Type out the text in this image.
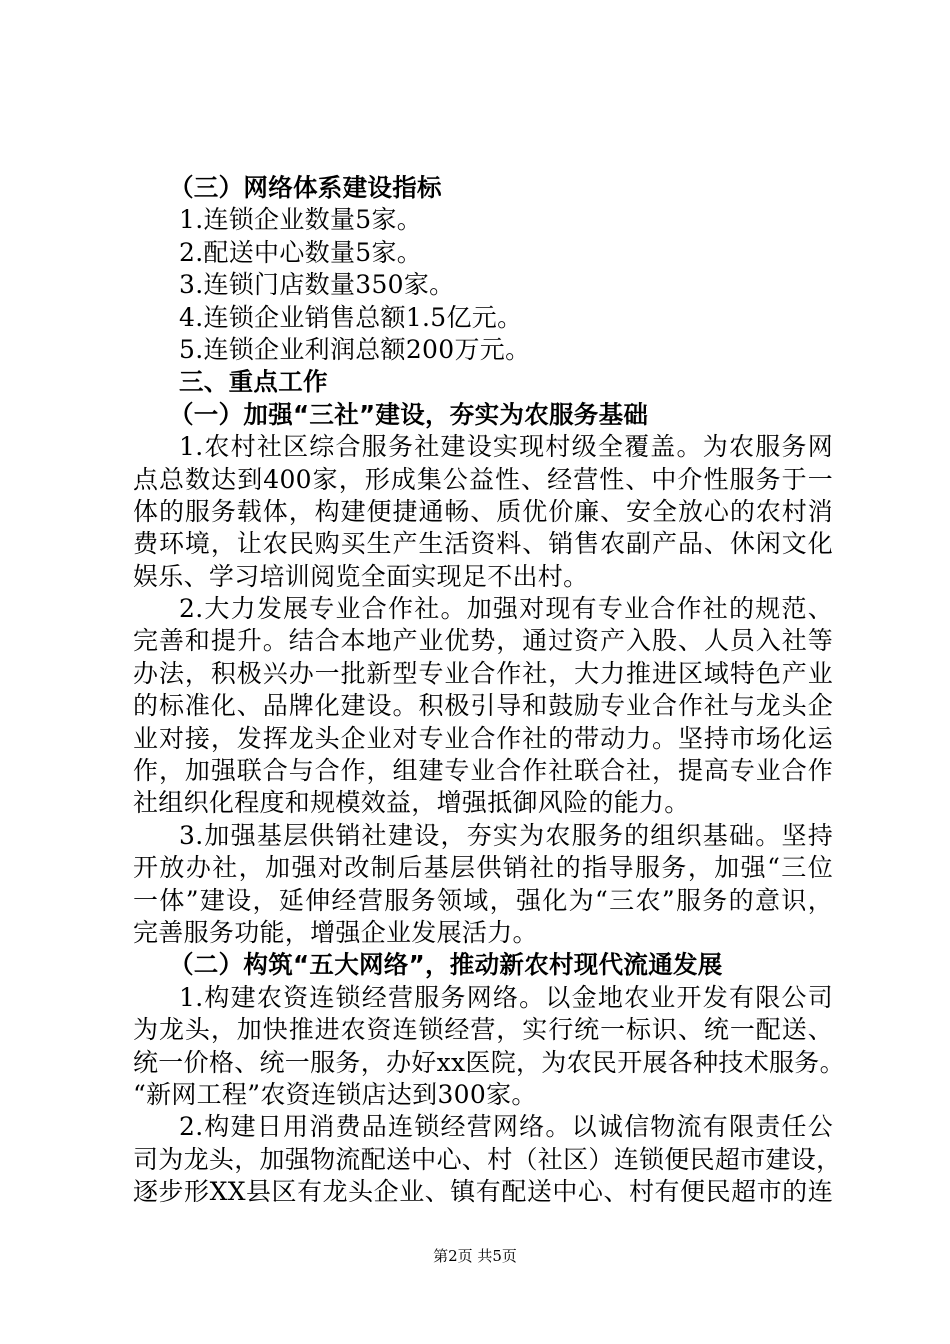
（三）网络体系建设指标
1.连锁企业数量5家。
2.配送中心数量5家。
3.连锁门店数量350家。
4.连锁企业销售总额1.5亿元。
5.连锁企业利润总额200万元。
三、重点工作
（一）加强“三社”建设，夯实为农服务基础
1.农村社区综合服务社建设实现村级全覆盖。为农服务网
点总数达到400家，形成集公益性、经营性、中介性服务于一
体的服务载体，构建便捷通畅、质优价廉、安全放心的农村消
费环境，让农民购买生产生活资料、销售农副产品、休闲文化
娱乐、学习培训阅览全面实现足不出村。
2.大力发展专业合作社。加强对现有专业合作社的规范、
完善和提升。结合本地产业优势，通过资产入股、人员入社等
办法，积极兴办一批新型专业合作社，大力推进区域特色产业
的标准化、品牌化建设。积极引导和鼓励专业合作社与龙头企
业对接，发挥龙头企业对专业合作社的带动力。坚持市场化运
作，加强联合与合作，组建专业合作社联合社，提高专业合作
社组织化程度和规模效益，增强抵御风险的能力。
3.加强基层供销社建设，夯实为农服务的组织基础。坚持
开放办社，加强对改制后基层供销社的指导服务，加强“三位
一体”建设，延伸经营服务领域，强化为“三农”服务的意识，
完善服务功能，增强企业发展活力。
（二）构筑“五大网络”，推动新农村现代流通发展
1.构建农资连锁经营服务网络。以金地农业开发有限公司
为龙头，加快推进农资连锁经营，实行统一标识、统一配送、
统一价格、统一服务，办好xx医院，为农民开展各种技术服务。
“新网工程”农资连锁店达到300家。
2.构建日用消费品连锁经营网络。以诚信物流有限责任公
司为龙头，加强物流配送中心、村（社区）连锁便民超市建设，
逐步形XX县区有龙头企业、镇有配送中心、村有便民超市的连
第2页 共5页
